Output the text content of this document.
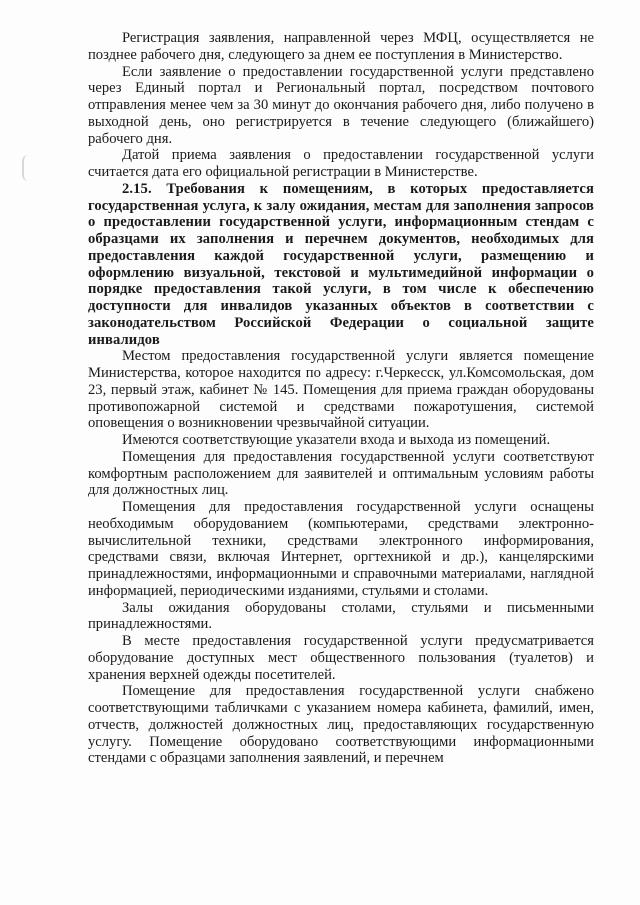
Регистрация заявления, направленной через МФЦ, осуществляется не позднее рабочего дня, следующего за днем ее поступления в Министерство.

Если заявление о предоставлении государственной услуги представлено через Единый портал и Региональный портал, посредством почтового отправления менее чем за 30 минут до окончания рабочего дня, либо получено в выходной день, оно регистрируется в течение следующего (ближайшего) рабочего дня.

Датой приема заявления о предоставлении государственной услуги считается дата его официальной регистрации в Министерстве.

2.15. Требования к помещениям, в которых предоставляется государственная услуга, к залу ожидания, местам для заполнения запросов о предоставлении государственной услуги, информационным стендам с образцами их заполнения и перечнем документов, необходимых для предоставления каждой государственной услуги, размещению и оформлению визуальной, текстовой и мультимедийной информации о порядке предоставления такой услуги, в том числе к обеспечению доступности для инвалидов указанных объектов в соответствии с законодательством Российской Федерации о социальной защите инвалидов

Местом предоставления государственной услуги является помещение Министерства, которое находится по адресу: г.Черкесск, ул.Комсомольская, дом 23, первый этаж, кабинет № 145. Помещения для приема граждан оборудованы противопожарной системой и средствами пожаротушения, системой оповещения о возникновении чрезвычайной ситуации.

Имеются соответствующие указатели входа и выхода из помещений.

Помещения для предоставления государственной услуги соответствуют комфортным расположением для заявителей и оптимальным условиям работы для должностных лиц.

Помещения для предоставления государственной услуги оснащены необходимым оборудованием (компьютерами, средствами электронно-вычислительной техники, средствами электронного информирования, средствами связи, включая Интернет, оргтехникой и др.), канцелярскими принадлежностями, информационными и справочными материалами, наглядной информацией, периодическими изданиями, стульями и столами.

Залы ожидания оборудованы столами, стульями и письменными принадлежностями.

В месте предоставления государственной услуги предусматривается оборудование доступных мест общественного пользования (туалетов) и хранения верхней одежды посетителей.

Помещение для предоставления государственной услуги снабжено соответствующими табличками с указанием номера кабинета, фамилий, имен, отчеств, должностей должностных лиц, предоставляющих государственную услугу. Помещение оборудовано соответствующими информационными стендами с образцами заполнения заявлений, и перечнем
